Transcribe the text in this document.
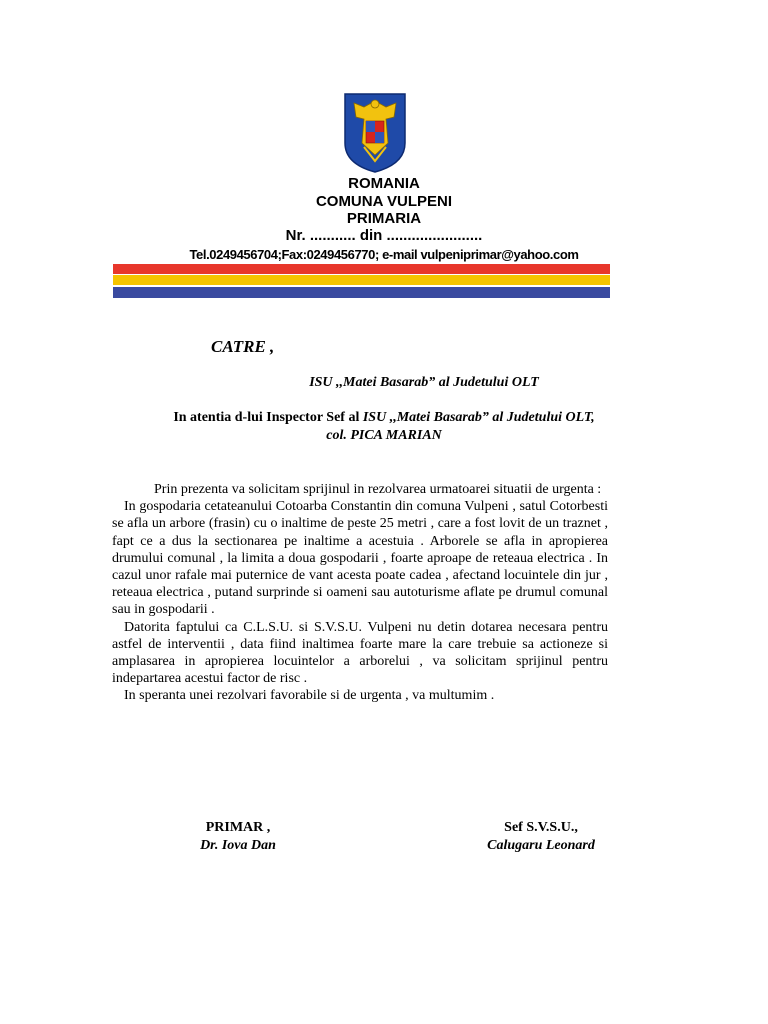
ROMANIA
COMUNA VULPENI
PRIMARIA
Nr. ........... din .......................
Tel.0249456704;Fax:0249456770; e-mail vulpeniprimar@yahoo.com
CATRE ,
ISU ,,Matei Basarab” al Judetului OLT
In atentia d-lui Inspector Sef al ISU ,,Matei Basarab” al Judetului OLT,
col. PICA MARIAN

Prin prezenta va solicitam sprijinul in rezolvarea urmatoarei situatii de urgenta :

In gospodaria cetateanului Cotoarba Constantin din comuna Vulpeni , satul Cotorbesti se afla un arbore (frasin) cu o inaltime de peste 25 metri , care a fost lovit de un traznet , fapt ce a dus la sectionarea pe inaltime a acestuia . Arborele se afla in apropierea drumului comunal , la limita a doua gospodarii , foarte aproape de reteaua electrica . In cazul unor rafale mai puternice de vant acesta poate cadea , afectand locuintele din jur , reteaua electrica , putand surprinde si oameni sau autoturisme aflate pe drumul comunal sau in gospodarii .

Datorita faptului ca C.L.S.U. si S.V.S.U. Vulpeni nu detin dotarea necesara pentru astfel de interventii , data fiind inaltimea foarte mare la care trebuie sa actioneze si amplasarea in apropierea locuintelor a arborelui , va solicitam sprijinul pentru indepartarea acestui factor de risc .

In speranta unei rezolvari favorabile si de urgenta , va multumim .

PRIMAR ,
Dr. Iova Dan
Sef S.V.S.U.,
Calugaru Leonard
